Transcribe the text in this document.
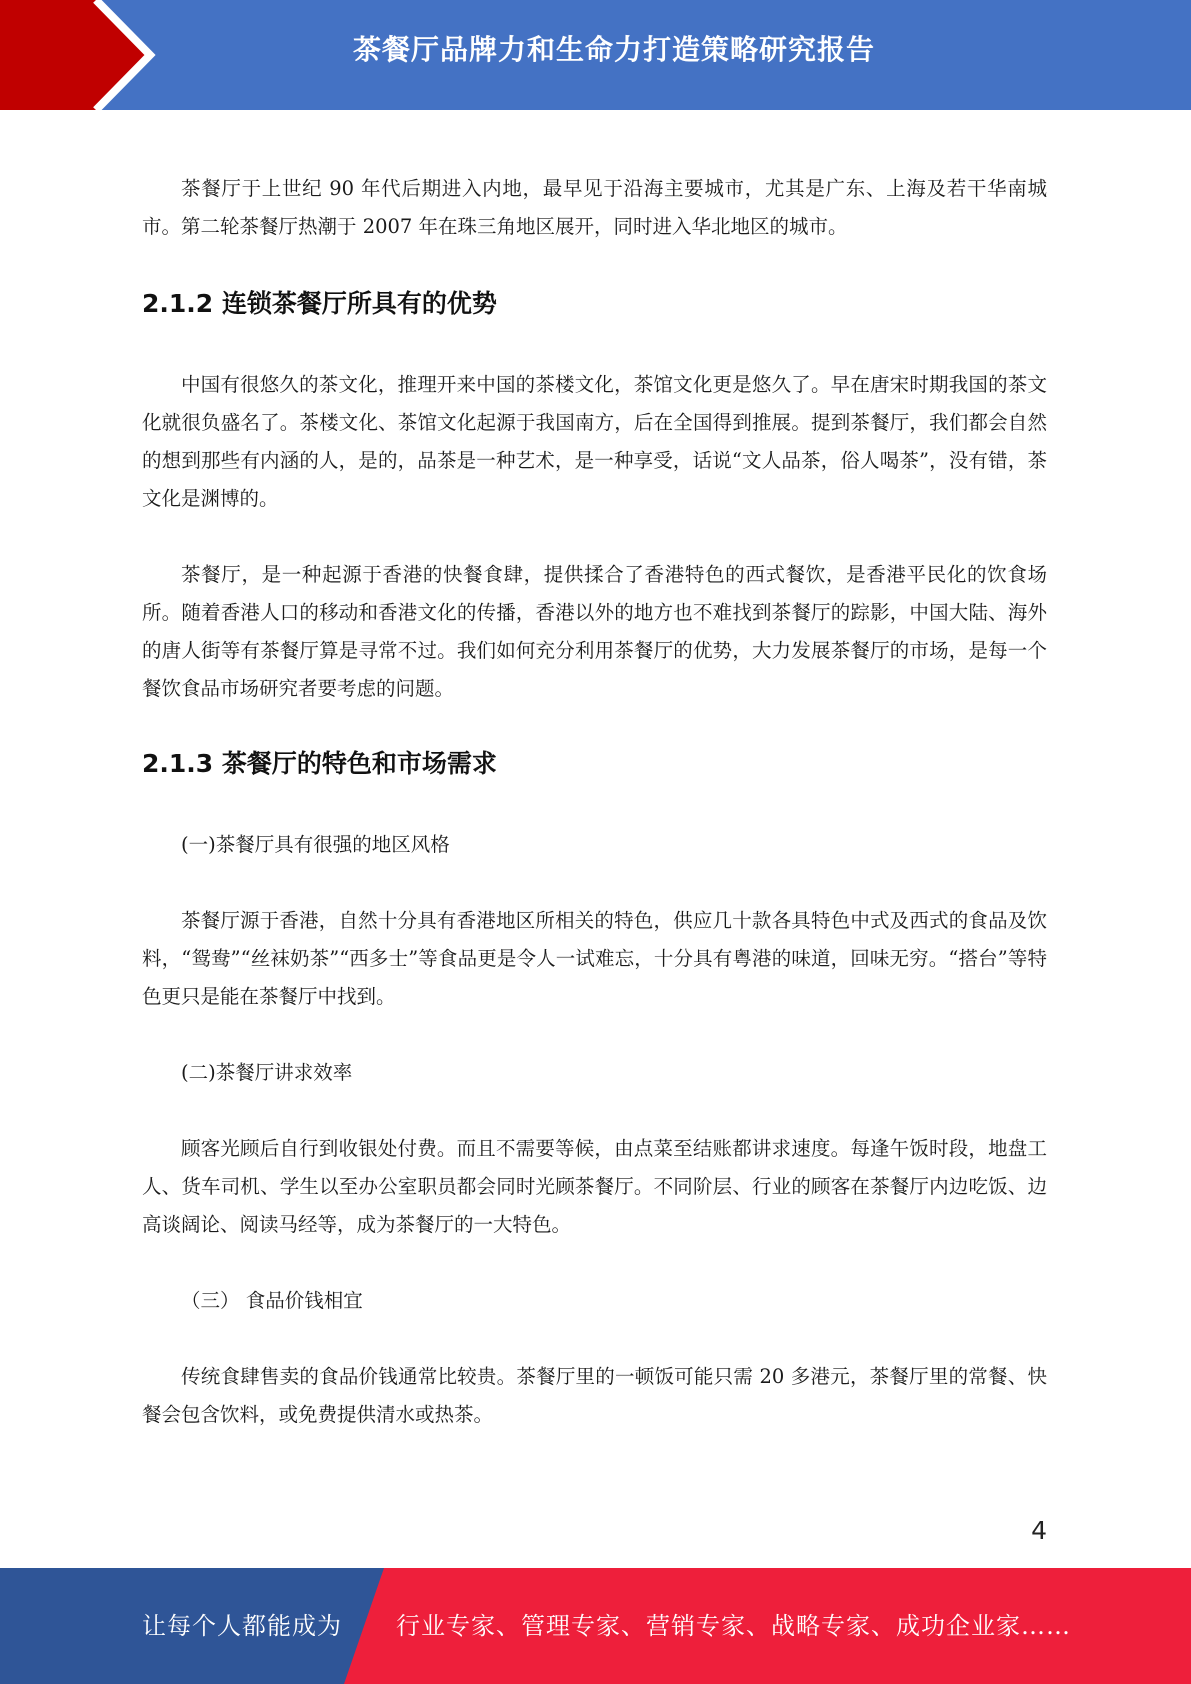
茶餐厅品牌力和生命力打造策略研究报告

茶餐厅于上世纪 90 年代后期进入内地，最早见于沿海主要城市，尤其是广东、上海及若干华南城市。第二轮茶餐厅热潮于 2007 年在珠三角地区展开，同时进入华北地区的城市。

2.1.2 连锁茶餐厅所具有的优势

中国有很悠久的茶文化，推理开来中国的茶楼文化，茶馆文化更是悠久了。早在唐宋时期我国的茶文化就很负盛名了。茶楼文化、茶馆文化起源于我国南方，后在全国得到推展。提到茶餐厅，我们都会自然的想到那些有内涵的人，是的，品茶是一种艺术，是一种享受，话说“文人品茶，俗人喝茶”，没有错，茶文化是渊博的。

茶餐厅，是一种起源于香港的快餐食肆，提供揉合了香港特色的西式餐饮，是香港平民化的饮食场所。随着香港人口的移动和香港文化的传播，香港以外的地方也不难找到茶餐厅的踪影，中国大陆、海外的唐人街等有茶餐厅算是寻常不过。我们如何充分利用茶餐厅的优势，大力发展茶餐厅的市场，是每一个餐饮食品市场研究者要考虑的问题。

2.1.3 茶餐厅的特色和市场需求
(一)茶餐厅具有很强的地区风格

茶餐厅源于香港，自然十分具有香港地区所相关的特色，供应几十款各具特色中式及西式的食品及饮料，“鸳鸯”“丝袜奶茶”“西多士”等食品更是令人一试难忘，十分具有粤港的味道，回味无穷。“搭台”等特色更只是能在茶餐厅中找到。

(二)茶餐厅讲求效率

顾客光顾后自行到收银处付费。而且不需要等候，由点菜至结账都讲求速度。每逢午饭时段，地盘工人、货车司机、学生以至办公室职员都会同时光顾茶餐厅。不同阶层、行业的顾客在茶餐厅内边吃饭、边高谈阔论、阅读马经等，成为茶餐厅的一大特色。

（三） 食品价钱相宜

传统食肆售卖的食品价钱通常比较贵。茶餐厅里的一顿饭可能只需 20 多港元，茶餐厅里的常餐、快餐会包含饮料，或免费提供清水或热茶。

4
让每个人都能成为 行业专家、管理专家、营销专家、战略专家、成功企业家……
